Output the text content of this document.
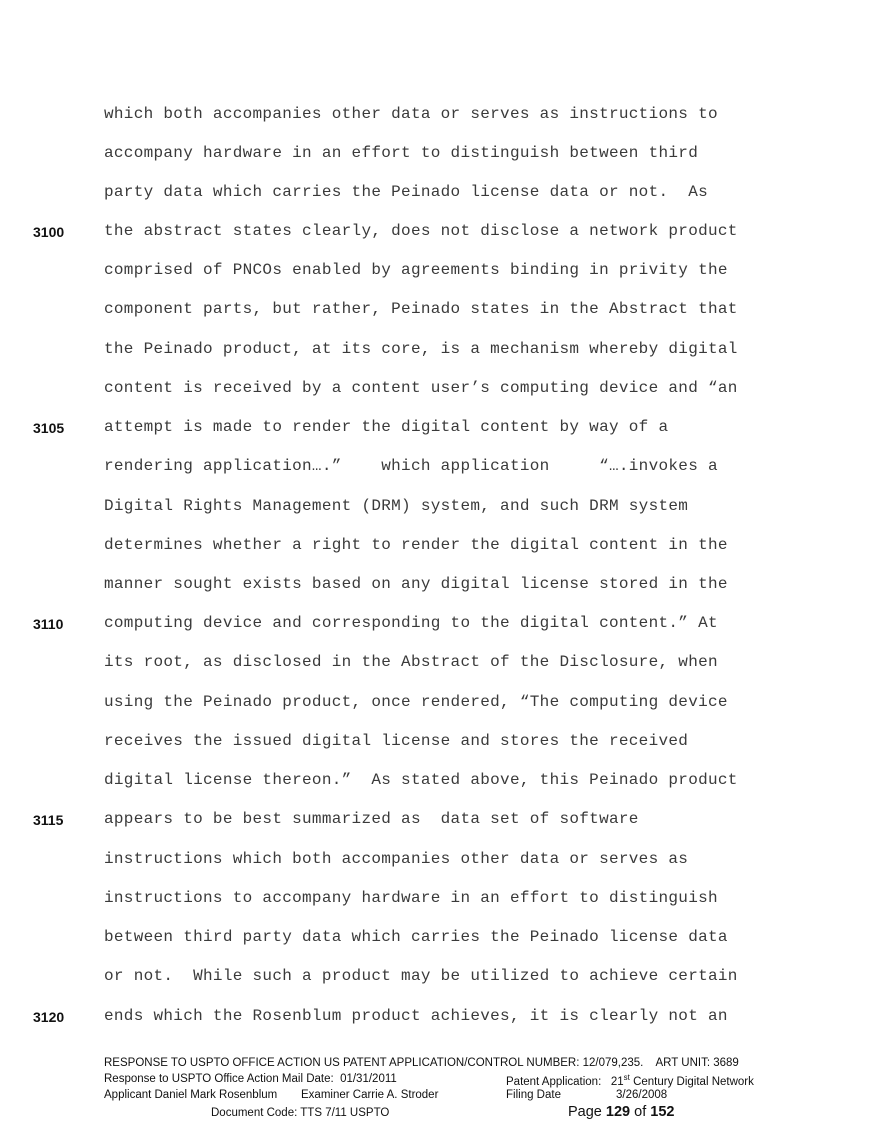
which both accompanies other data or serves as instructions to
accompany hardware in an effort to distinguish between third
party data which carries the Peinado license data or not.  As
the abstract states clearly, does not disclose a network product
comprised of PNCOs enabled by agreements binding in privity the
component parts, but rather, Peinado states in the Abstract that
the Peinado product, at its core, is a mechanism whereby digital
content is received by a content user’s computing device and “an
attempt is made to render the digital content by way of a
rendering application….”    which application     “….invokes a
Digital Rights Management (DRM) system, and such DRM system
determines whether a right to render the digital content in the
manner sought exists based on any digital license stored in the
computing device and corresponding to the digital content.” At
its root, as disclosed in the Abstract of the Disclosure, when
using the Peinado product, once rendered, “The computing device
receives the issued digital license and stores the received
digital license thereon.”  As stated above, this Peinado product
appears to be best summarized as  data set of software
instructions which both accompanies other data or serves as
instructions to accompany hardware in an effort to distinguish
between third party data which carries the Peinado license data
or not.  While such a product may be utilized to achieve certain
ends which the Rosenblum product achieves, it is clearly not an
3100
3105
3110
3115
3120
RESPONSE TO USPTO OFFICE ACTION US PATENT APPLICATION/CONTROL NUMBER: 12/079,235.    ART UNIT: 3689
Response to USPTO Office Action Mail Date:  01/31/2011	Patent Application: 21st Century Digital Network
Applicant Daniel Mark Rosenblum Examiner Carrie A. Stroder	Filing Date	3/26/2008
Document Code: TTS 7/11 USPTO	Page 129 of 152
